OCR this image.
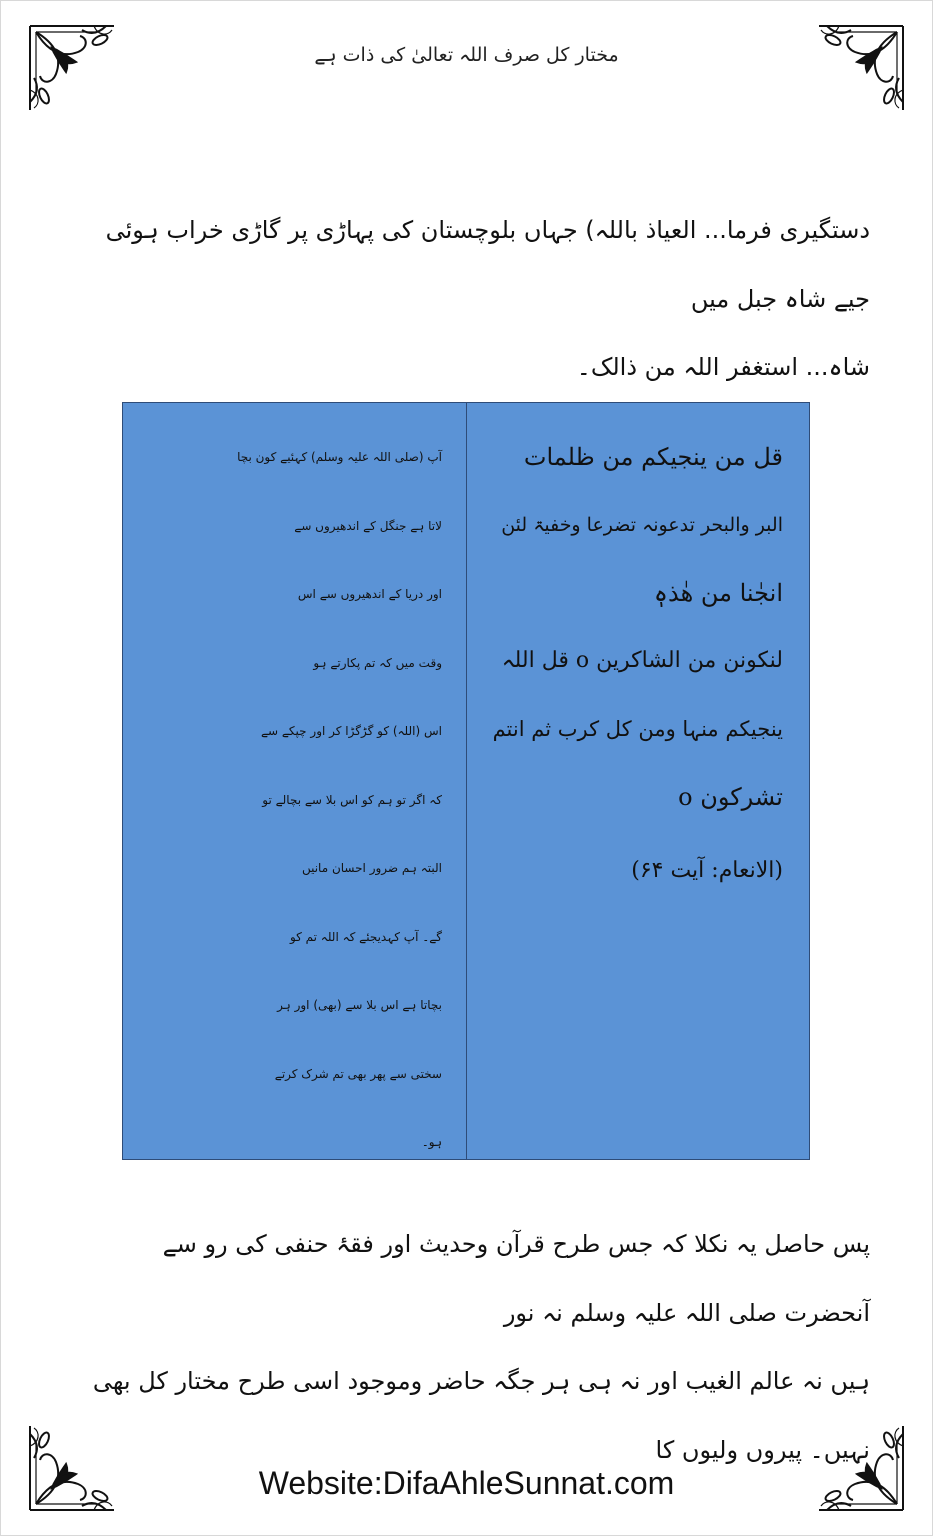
مختار کل صرف اللہ تعالیٰ کی ذات ہے
دستگیری فرما... العیاذ باللہ) جہاں بلوچستان کی پہاڑی پر گاڑی خراب ہوئی جیے شاہ جبل میں
شاہ... استغفر اللہ من ذالک۔
قل من ینجیکم من ظلمات
البر والبحر تدعونہ تضرعا وخفیۃ لئن
انجٰنا من ھٰذہٖ
لنکونن من الشاکرین o قل اللہ
ینجیکم منہا ومن کل کرب ثم انتم
تشرکون o
(الانعام: آیت ۶۴)
آپ (صلی اللہ علیہ وسلم) کہئیے کون بچا
لاتا ہے جنگل کے اندھیروں سے
اور دریا کے اندھیروں سے اس
وقت میں کہ تم پکارتے ہو
اس (اللہ) کو گڑگڑا کر اور چپکے سے
کہ اگر تو ہم کو اس بلا سے بچالے تو
البتہ ہم ضرور احسان مانیں
گے۔ آپ کہدیجئے کہ اللہ تم کو
بچاتا ہے اس بلا سے (بھی) اور ہر
سختی سے پھر بھی تم شرک کرتے
ہو۔
پس حاصل یہ نکلا کہ جس طرح قرآن وحدیث اور فقۂ حنفی کی رو سے آنحضرت صلی اللہ علیہ وسلم نہ نور
ہیں نہ عالم الغیب اور نہ ہی ہر جگہ حاضر وموجود اسی طرح مختار کل بھی نہیں۔ پیروں ولیوں کا
Website:DifaAhleSunnat.com
